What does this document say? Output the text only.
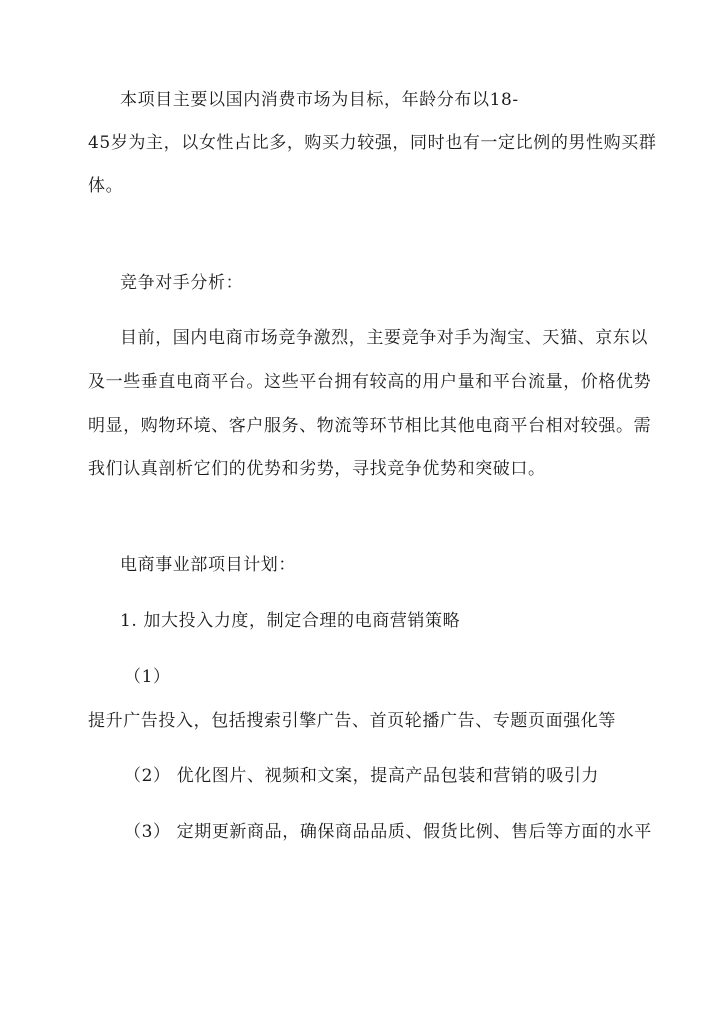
本项目主要以国内消费市场为目标，年龄分布以18-
45岁为主，以女性占比多，购买力较强，同时也有一定比例的男性购买群
体。
竞争对手分析：
目前，国内电商市场竞争激烈，主要竞争对手为淘宝、天猫、京东以
及一些垂直电商平台。这些平台拥有较高的用户量和平台流量，价格优势
明显，购物环境、客户服务、物流等环节相比其他电商平台相对较强。需
我们认真剖析它们的优势和劣势，寻找竞争优势和突破口。
电商事业部项目计划：
1. 加大投入力度，制定合理的电商营销策略
（1）
提升广告投入，包括搜索引擎广告、首页轮播广告、专题页面强化等
（2） 优化图片、视频和文案，提高产品包装和营销的吸引力
（3） 定期更新商品，确保商品品质、假货比例、售后等方面的水平
